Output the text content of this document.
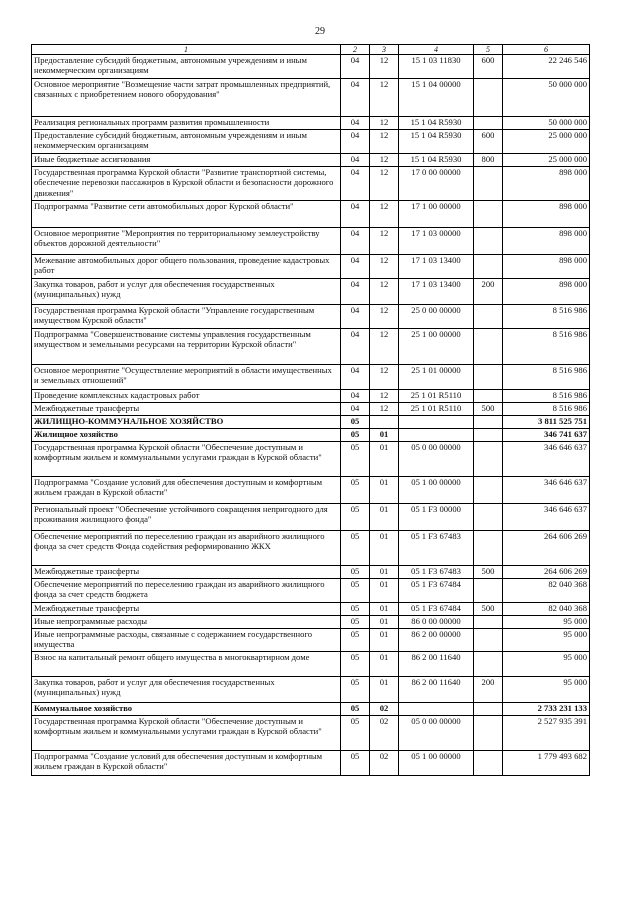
29
1	2	3	4	5	6
Предоставление субсидий бюджетным, автономным учреждениям и иным некоммерческим организациям	04	12	15 1 03 11830	600	22 246 546
Основное мероприятие "Возмещение части затрат промышленных предприятий, связанных с приобретением нового оборудования"	04	12	15 1 04 00000		50 000 000
Реализация региональных программ развития промышленности	04	12	15 1 04 R5930		50 000 000
Предоставление субсидий бюджетным, автономным учреждениям и иным некоммерческим организациям	04	12	15 1 04 R5930	600	25 000 000
Иные бюджетные ассигнования	04	12	15 1 04 R5930	800	25 000 000
Государственная программа Курской области "Развитие транспортной системы, обеспечение перевозки пассажиров в Курской области и безопасности дорожного движения"	04	12	17 0 00 00000		898 000
Подпрограмма "Развитие сети автомобильных дорог Курской области"	04	12	17 1 00 00000		898 000
Основное мероприятие "Мероприятия по территориальному землеустройству объектов дорожной деятельности"	04	12	17 1 03 00000		898 000
Межевание автомобильных дорог общего пользования, проведение кадастровых работ	04	12	17 1 03 13400		898 000
Закупка товаров, работ и услуг для обеспечения государственных (муниципальных) нужд	04	12	17 1 03 13400	200	898 000
Государственная программа Курской области "Управление государственным имуществом Курской области"	04	12	25 0 00 00000		8 516 986
Подпрограмма "Совершенствование системы управления государственным имуществом и земельными ресурсами на территории Курской области"	04	12	25 1 00 00000		8 516 986
Основное мероприятие "Осуществление мероприятий в области имущественных и земельных отношений"	04	12	25 1 01 00000		8 516 986
Проведение комплексных кадастровых работ	04	12	25 1 01 R5110		8 516 986
Межбюджетные трансферты	04	12	25 1 01 R5110	500	8 516 986
ЖИЛИЩНО-КОММУНАЛЬНОЕ ХОЗЯЙСТВО	05				3 811 525 751
Жилищное хозяйство	05	01			346 741 637
Государственная программа Курской области "Обеспечение доступным и комфортным жильем и коммунальными услугами граждан в Курской области"	05	01	05 0 00 00000		346 646 637
Подпрограмма "Создание условий для обеспечения доступным и комфортным жильем граждан в Курской области"	05	01	05 1 00 00000		346 646 637
Региональный проект "Обеспечение устойчивого сокращения непригодного для проживания жилищного фонда"	05	01	05 1 F3 00000		346 646 637
Обеспечение мероприятий по переселению граждан из аварийного жилищного фонда за счет средств Фонда содействия реформированию ЖКХ	05	01	05 1 F3 67483		264 606 269
Межбюджетные трансферты	05	01	05 1 F3 67483	500	264 606 269
Обеспечение мероприятий по переселению граждан из аварийного жилищного фонда за счет средств бюджета	05	01	05 1 F3 67484		82 040 368
Межбюджетные трансферты	05	01	05 1 F3 67484	500	82 040 368
Иные непрограммные расходы	05	01	86 0 00 00000		95 000
Иные непрограммные расходы, связанные с содержанием государственного имущества	05	01	86 2 00 00000		95 000
Взнос на капитальный ремонт общего имущества в многоквартирном доме	05	01	86 2 00 11640		95 000
Закупка товаров, работ и услуг для обеспечения государственных (муниципальных) нужд	05	01	86 2 00 11640	200	95 000
Коммунальное хозяйство	05	02			2 733 231 133
Государственная программа Курской области "Обеспечение доступным и комфортным жильем и коммунальными услугами граждан в Курской области"	05	02	05 0 00 00000		2 527 935 391
Подпрограмма "Создание условий для обеспечения доступным и комфортным жильем граждан в Курской области"	05	02	05 1 00 00000		1 779 493 682
